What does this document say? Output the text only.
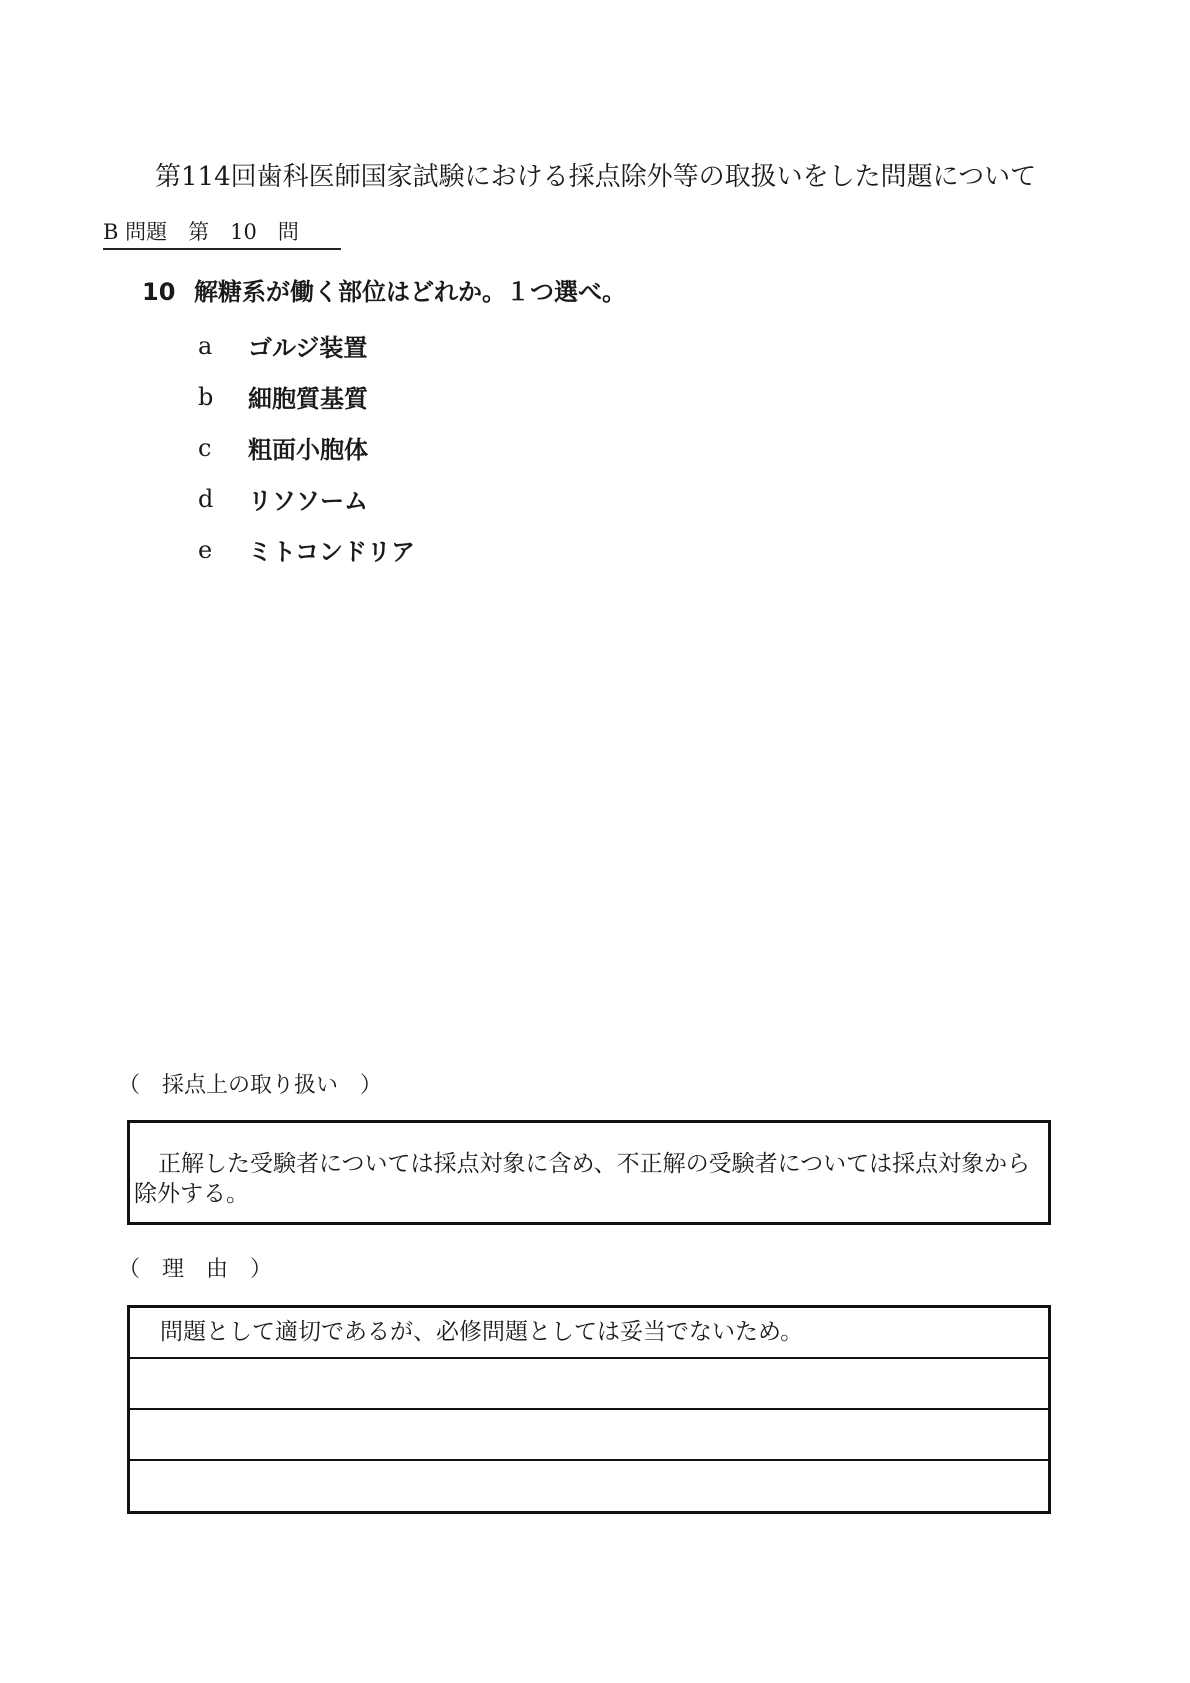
第114回歯科医師国家試験における採点除外等の取扱いをした問題について
B 問題　第　10　問
10 解糖系が働く部位はどれか。１つ選べ。
a	ゴルジ装置
b	細胞質基質
c	粗面小胞体
d	リソソーム
e	ミトコンドリア
（　採点上の取り扱い　）
正解した受験者については採点対象に含め、不正解の受験者については採点対象から除外する。
（　理　由　）
問題として適切であるが、必修問題としては妥当でないため。
